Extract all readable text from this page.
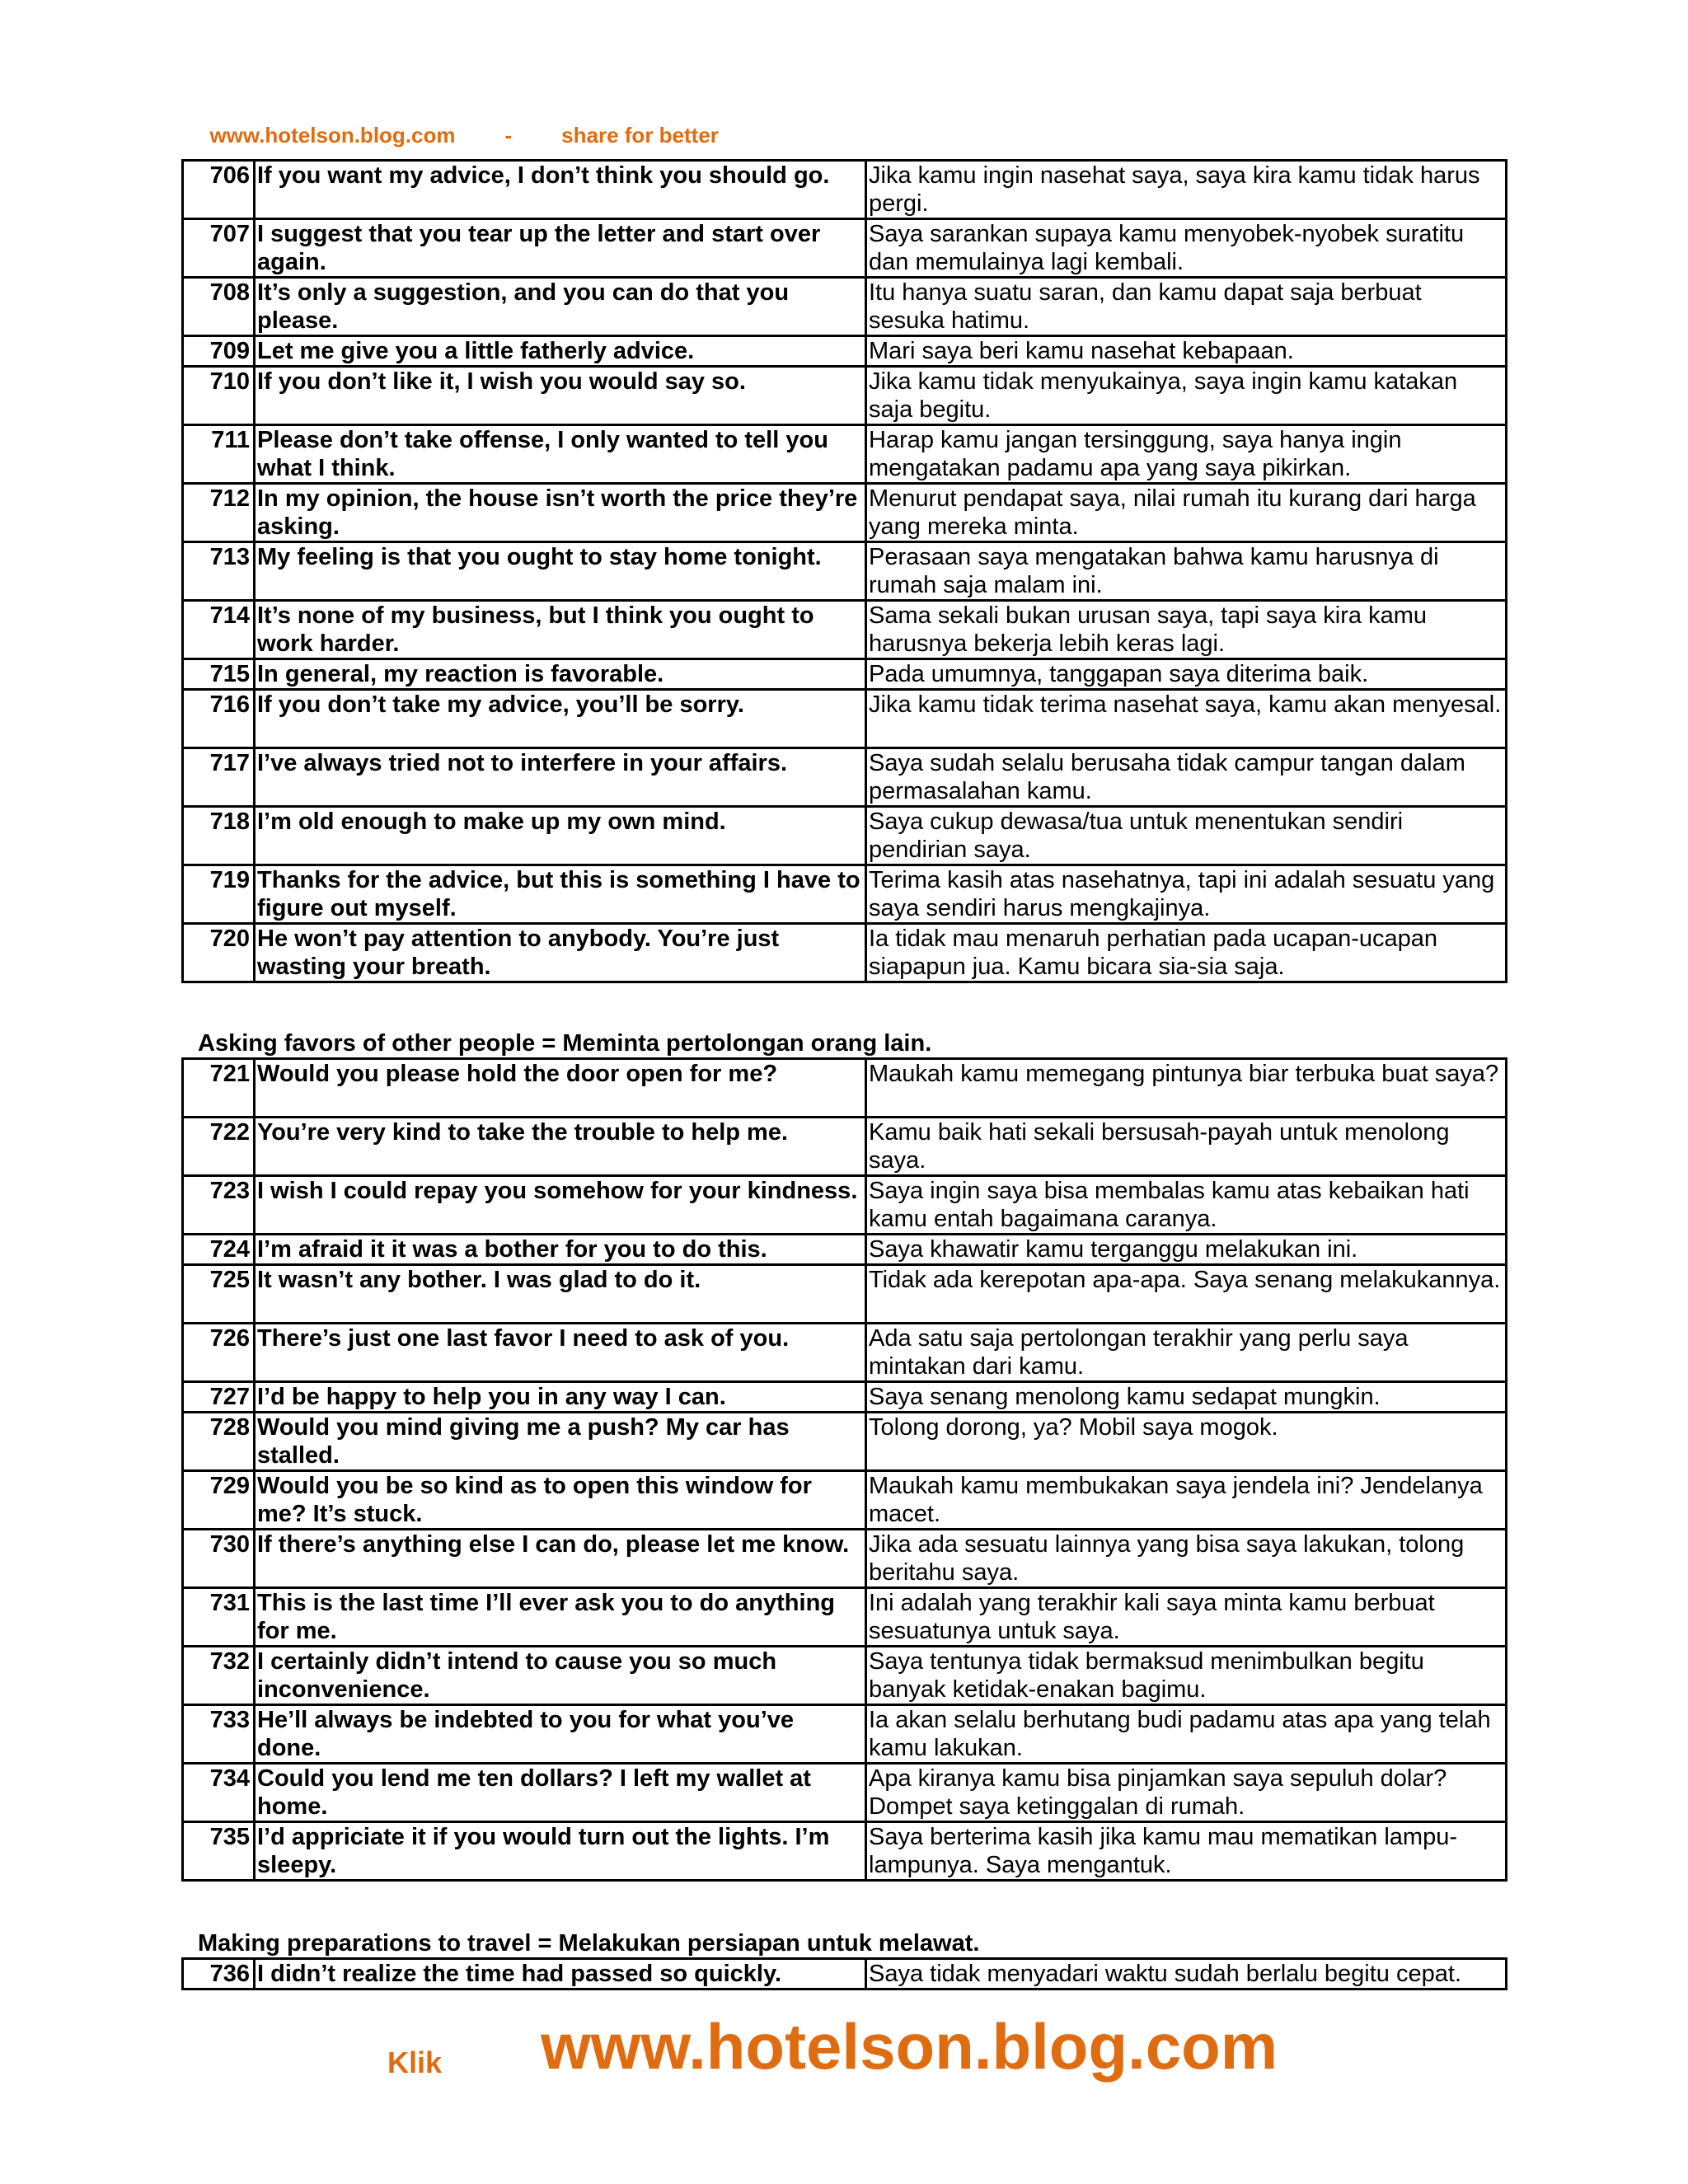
www.hotelson.blog.com - share for better

706	If you want my advice, I don’t think you should go.	Jika kamu ingin nasehat saya, saya kira kamu tidak harus pergi.
707	I suggest that you tear up the letter and start over again.	Saya sarankan supaya kamu menyobek-nyobek suratitu dan memulainya lagi kembali.
708	It’s only a suggestion, and you can do that you please.	Itu hanya suatu saran, dan kamu dapat saja berbuat sesuka hatimu.
709	Let me give you a little fatherly advice.	Mari saya beri kamu nasehat kebapaan.
710	If you don’t like it, I wish you would say so.	Jika kamu tidak menyukainya, saya ingin kamu katakan saja begitu.
711	Please don’t take offense, I only wanted to tell you what I think.	Harap kamu jangan tersinggung, saya hanya ingin mengatakan padamu apa yang saya pikirkan.
712	In my opinion, the house isn’t worth the price they’re asking.	Menurut pendapat saya, nilai rumah itu kurang dari harga yang mereka minta.
713	My feeling is that you ought to stay home tonight.	Perasaan saya mengatakan bahwa kamu harusnya di rumah saja malam ini.
714	It’s none of my business, but I think you ought to work harder.	Sama sekali bukan urusan saya, tapi saya kira kamu harusnya bekerja lebih keras lagi.
715	In general, my reaction is favorable.	Pada umumnya, tanggapan saya diterima baik.
716	If you don’t take my advice, you’ll be sorry.	Jika kamu tidak terima nasehat saya, kamu akan menyesal.
717	I’ve always tried not to interfere in your affairs.	Saya sudah selalu berusaha tidak campur tangan dalam permasalahan kamu.
718	I’m old enough to make up my own mind.	Saya cukup dewasa/tua untuk menentukan sendiri pendirian saya.
719	Thanks for the advice, but this is something I have to figure out myself.	Terima kasih atas nasehatnya, tapi ini adalah sesuatu yang saya sendiri harus mengkajinya.
720	He won’t pay attention to anybody. You’re just wasting your breath.	Ia tidak mau menaruh perhatian pada ucapan-ucapan siapapun jua. Kamu bicara sia-sia saja.
Asking favors of other people = Meminta pertolongan orang lain.
721	Would you please hold the door open for me?	Maukah kamu memegang pintunya biar terbuka buat saya?
722	You’re very kind to take the trouble to help me.	Kamu baik hati sekali bersusah-payah untuk menolong saya.
723	I wish I could repay you somehow for your kindness.	Saya ingin saya bisa membalas kamu atas kebaikan hati kamu entah bagaimana caranya.
724	I’m afraid it it was a bother for you to do this.	Saya khawatir kamu terganggu melakukan ini.
725	It wasn’t any bother. I was glad to do it.	Tidak ada kerepotan apa-apa. Saya senang melakukannya.
726	There’s just one last favor I need to ask of you.	Ada satu saja pertolongan terakhir yang perlu saya mintakan dari kamu.
727	I’d be happy to help you in any way I can.	Saya senang menolong kamu sedapat mungkin.
728	Would you mind giving me a push? My car has stalled.	Tolong dorong, ya? Mobil saya mogok.
729	Would you be so kind as to open this window for me? It’s stuck.	Maukah kamu membukakan saya jendela ini? Jendelanya macet.
730	If there’s anything else I can do, please let me know.	Jika ada sesuatu lainnya yang bisa saya lakukan, tolong beritahu saya.
731	This is the last time I’ll ever ask you to do anything for me.	Ini adalah yang terakhir kali saya minta kamu berbuat sesuatunya untuk saya.
732	I certainly didn’t intend to cause you so much inconvenience.	Saya tentunya tidak bermaksud menimbulkan begitu banyak ketidak-enakan bagimu.
733	He’ll always be indebted to you for what you’ve done.	Ia akan selalu berhutang budi padamu atas apa yang telah kamu lakukan.
734	Could you lend me ten dollars? I left my wallet at home.	Apa kiranya kamu bisa pinjamkan saya sepuluh dolar? Dompet saya ketinggalan di rumah.
735	I’d appriciate it if you would turn out the lights. I’m sleepy.	Saya berterima kasih jika kamu mau mematikan lampu-lampunya. Saya mengantuk.
Making preparations to travel = Melakukan persiapan untuk melawat.
736	I didn’t realize the time had passed so quickly.	Saya tidak menyadari waktu sudah berlalu begitu cepat.
Klik www.hotelson.blog.com
